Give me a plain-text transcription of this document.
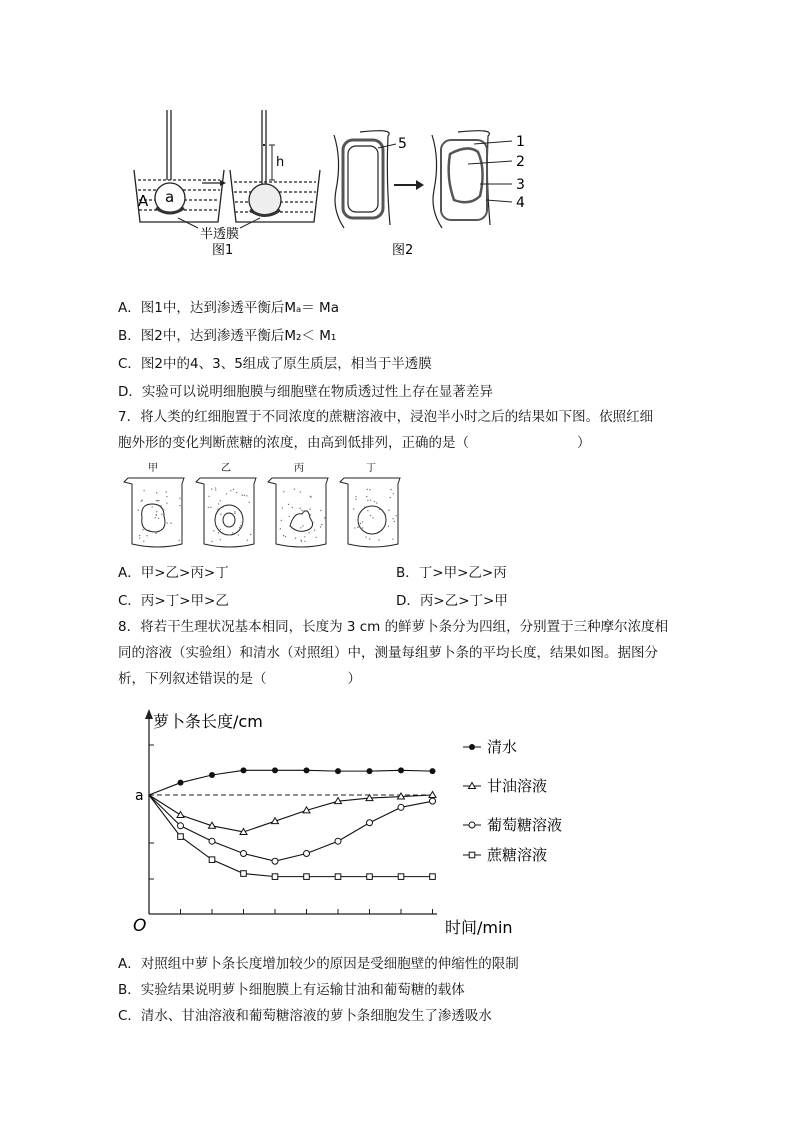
A a
h
半透膜
图1
5	1
2
3
4
图2
A．图1中，达到渗透平衡后Mₐ＝ Ma
B．图2中，达到渗透平衡后M₂＜ M₁
C．图2中的4、3、5组成了原生质层，相当于半透膜
D．实验可以说明细胞膜与细胞壁在物质透过性上存在显著差异
7．将人类的红细胞置于不同浓度的蔗糖溶液中，浸泡半小时之后的结果如下图。依照红细
胞外形的变化判断蔗糖的浓度，由高到低排列，正确的是（　　　　　　　　）
甲	乙	丙	丁
A．甲>乙>丙>丁	B．丁>甲>乙>丙
C．丙>丁>甲>乙	D．丙>乙>丁>甲
8．将若干生理状况基本相同，长度为 3 cm 的鲜萝卜条分为四组，分别置于三种摩尔浓度相
同的溶液（实验组）和清水（对照组）中，测量每组萝卜条的平均长度，结果如图。据图分
析，下列叙述错误的是（　　　　　　）
萝卜条长度/cm
时间/min
O
a
清水
甘油溶液
葡萄糖溶液
蔗糖溶液
A．对照组中萝卜条长度增加较少的原因是受细胞壁的伸缩性的限制
B．实验结果说明萝卜细胞膜上有运输甘油和葡萄糖的载体
C．清水、甘油溶液和葡萄糖溶液的萝卜条细胞发生了渗透吸水
